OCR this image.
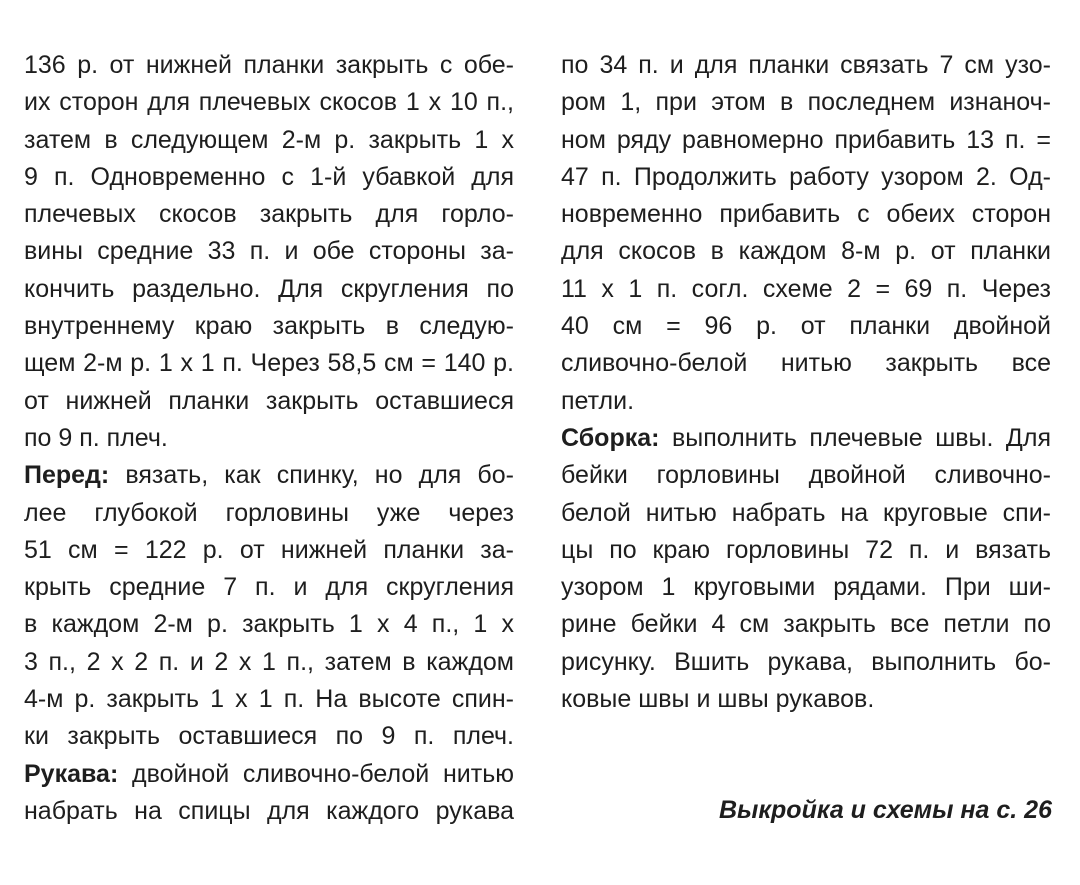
136 р. от нижней планки закрыть с обе-
их сторон для плечевых скосов 1 х 10 п.,
затем в следующем 2-м р. закрыть 1 х
9 п. Одновременно с 1-й убавкой для
плечевых скосов закрыть для горло-
вины средние 33 п. и обе стороны за-
кончить раздельно. Для скругления по
внутреннему краю закрыть в следую-
щем 2-м р. 1 х 1 п. Через 58,5 см = 140 р.
от нижней планки закрыть оставшиеся
по 9 п. плеч.
Перед: вязать, как спинку, но для бо-
лее глубокой горловины уже через
51 см = 122 р. от нижней планки за-
крыть средние 7 п. и для скругления
в каждом 2-м р. закрыть 1 х 4 п., 1 х
3 п., 2 х 2 п. и 2 х 1 п., затем в каждом
4-м р. закрыть 1 х 1 п. На высоте спин-
ки закрыть оставшиеся по 9 п. плеч.
Рукава: двойной сливочно-белой нитью
набрать на спицы для каждого рукава
по 34 п. и для планки связать 7 см узо-
ром 1, при этом в последнем изнаноч-
ном ряду равномерно прибавить 13 п. =
47 п. Продолжить работу узором 2. Од-
новременно прибавить с обеих сторон
для скосов в каждом 8-м р. от планки
11 х 1 п. согл. схеме 2 = 69 п. Через
40 см = 96 р. от планки двойной
сливочно-белой нитью закрыть все
петли.
Сборка: выполнить плечевые швы. Для
бейки горловины двойной сливочно-
белой нитью набрать на круговые спи-
цы по краю горловины 72 п. и вязать
узором 1 круговыми рядами. При ши-
рине бейки 4 см закрыть все петли по
рисунку. Вшить рукава, выполнить бо-
ковые швы и швы рукавов.
Выкройка и схемы на с. 26
